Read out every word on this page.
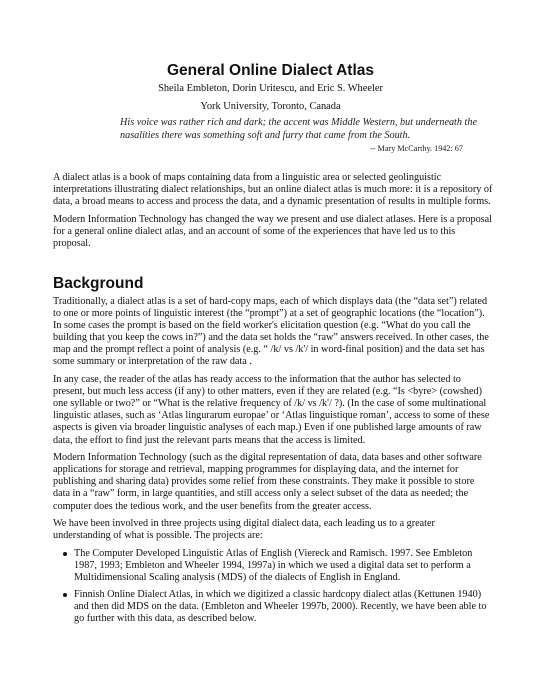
General Online Dialect Atlas

Sheila Embleton, Dorin Uritescu, and Eric S. Wheeler

York University, Toronto, Canada

His voice was rather rich and dark; the accent was Middle Western, but underneath the nasalities there was something soft and furry that came from the South.

-- Mary McCarthy. 1942: 67

A dialect atlas is a book of maps containing data from a linguistic area or selected geolinguistic interpretations illustrating dialect relationships, but an online dialect atlas is much more: it is a repository of data, a broad means to access and process the data, and a dynamic presentation of results in multiple forms.

Modern Information Technology has changed the way we present and use dialect atlases. Here is a proposal for a general online dialect atlas, and an account of some of the experiences that have led us to this proposal.

Background

Traditionally, a dialect atlas is a set of hard-copy maps, each of which displays data (the “data set”) related to one or more points of linguistic interest (the “prompt”) at a set of geographic locations (the “location”). In some cases the prompt is based on the field worker's elicitation question (e.g. “What do you call the building that you keep the cows in?”) and the data set holds the “raw” answers received. In other cases, the map and the prompt reflect a point of analysis (e.g. “ /k/ vs /k'/ in word-final position) and the data set has some summary or interpretation of the raw data .

In any case, the reader of the atlas has ready access to the information that the author has selected to present, but much less access (if any) to other matters, even if they are related (e.g. “Is <byre> (cowshed) one syllable or two?” or “What is the relative frequency of /k/ vs /k'/ ?). (In the case of some multinational linguistic atlases, such as ‘Atlas lingurarum europae’ or ‘Atlas linguistique roman’, access to some of these aspects is given via broader linguistic analyses of each map.) Even if one published large amounts of raw data, the effort to find just the relevant parts means that the access is limited.

Modern Information Technology (such as the digital representation of data, data bases and other software applications for storage and retrieval, mapping programmes for displaying data, and the internet for publishing and sharing data) provides some relief from these constraints. They make it possible to store data in a “raw” form, in large quantities, and still access only a select subset of the data as needed; the computer does the tedious work, and the user benefits from the greater access.

We have been involved in three projects using digital dialect data, each leading us to a greater understanding of what is possible. The projects are:

The Computer Developed Linguistic Atlas of English (Viereck and Ramisch. 1997. See Embleton 1987, 1993; Embleton and Wheeler 1994, 1997a) in which we used a digital data set to perform a Multidimensional Scaling analysis (MDS) of the dialects of English in England.
Finnish Online Dialect Atlas, in which we digitized a classic hardcopy dialect atlas (Kettunen 1940) and then did MDS on the data. (Embleton and Wheeler 1997b, 2000). Recently, we have been able to go further with this data, as described below.
